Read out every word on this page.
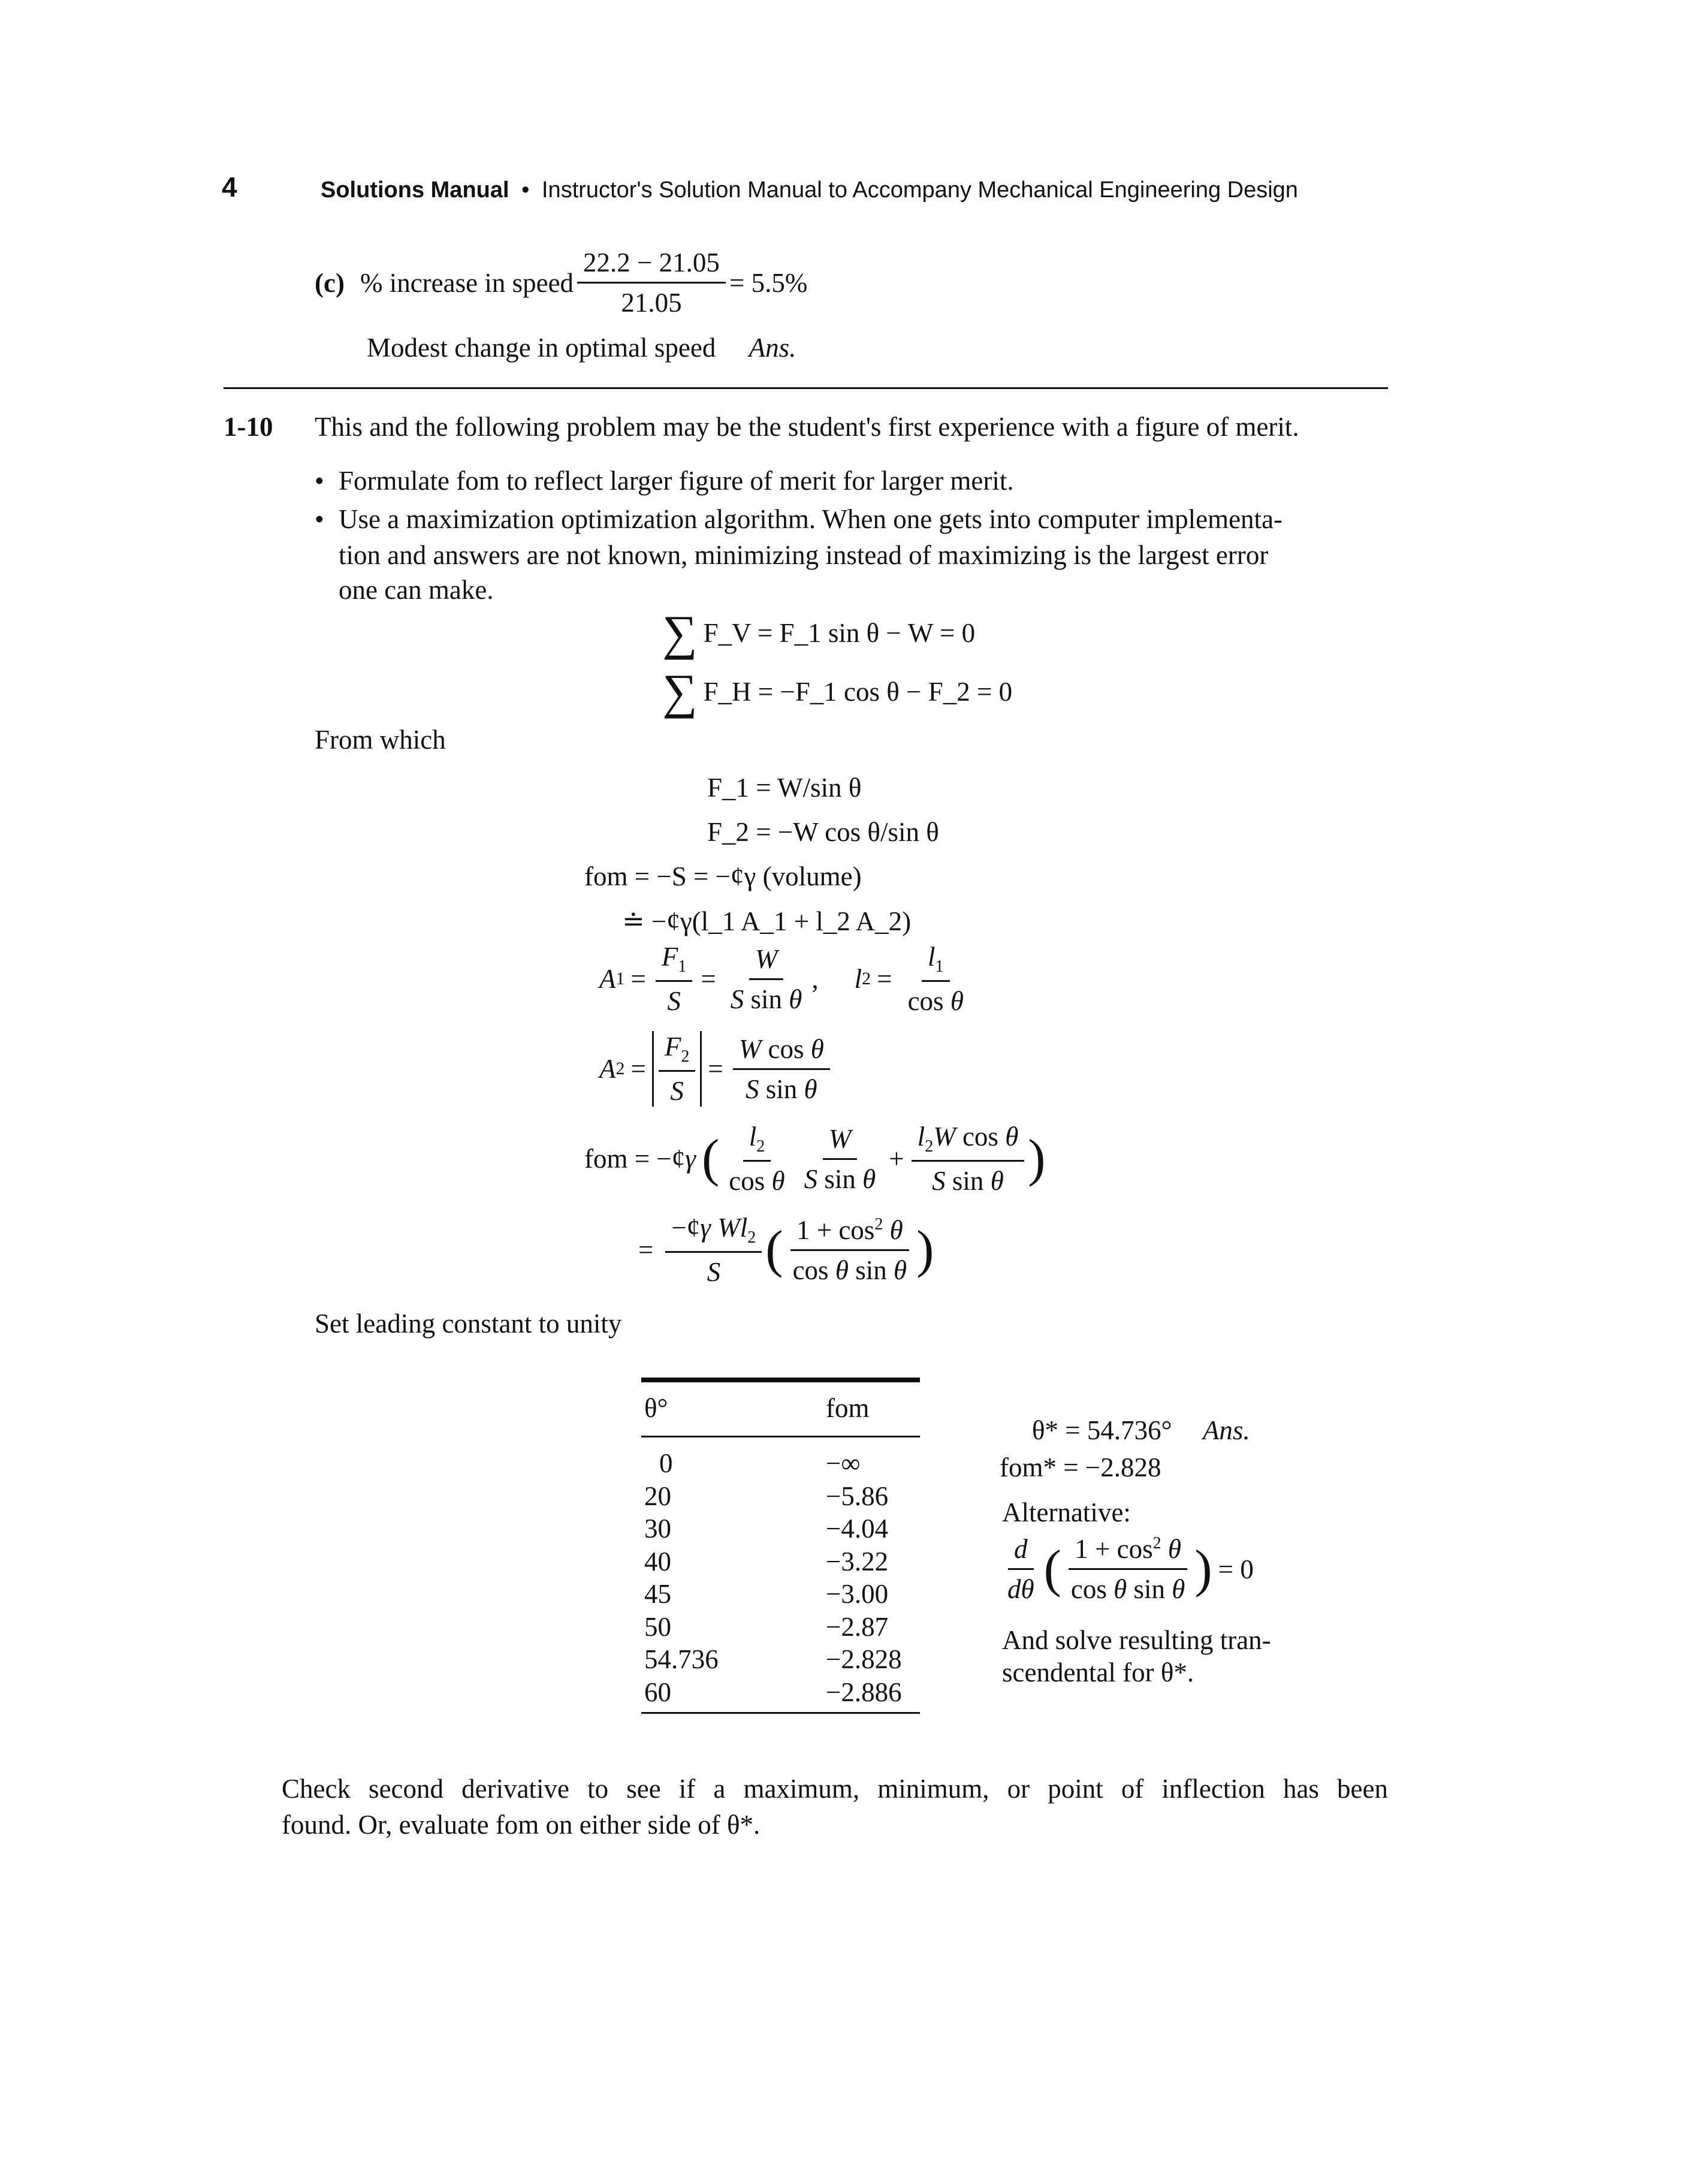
4	Solutions Manual • Instructor's Solution Manual to Accompany Mechanical Engineering Design
(c) % increase in speed $\frac{22.2 - 21.05}{21.05} = 5.5\%$
Modest change in optimal speed Ans.
1-10 This and the following problem may be the student's first experience with a figure of merit.
• Formulate fom to reflect larger figure of merit for larger merit.
• Use a maximization optimization algorithm. When one gets into computer implementa-
tion and answers are not known, minimizing instead of maximizing is the largest error
one can make.
∑ F_V = F_1 sin θ − W = 0
∑ F_H = −F_1 cos θ − F_2 = 0
From which
F_1 = W/sin θ
F_2 = −W cos θ/sin θ
fom = −S = −¢γ (volume)
≐ −¢γ(l_1 A_1 + l_2 A_2)
A $1 = \frac{F_1}{S} = \frac{W}{\text{S sin θ}}$ , l $2 = \frac{l_1}{\text{cos θ}}$
A $2 = \frac{F_2}{S} = \frac{\text{W cos θ}}{\text{S sin θ}}$
fom = −¢γ ( $\frac{l_2}{\text{cos θ}} \frac{W}{\text{S sin θ}} + \frac{l_2W \cos \theta}{\text{S sin θ}}$ )
= $\frac{-¢\gamma Wl_2}{S}$ ( $\frac{1 + \cos^2 \theta}{\text{cos θ sin θ}}$ )
Set leading constant to unity
θ°	fom
0	−∞
20	−5.86
30	−4.04
40	−3.22
45	−3.00
50	−2.87
54.736	−2.828
60	−2.886
θ* = 54.736° Ans.
fom* = −2.828
Alternative:
$\frac{d}{d\theta}$ ( $\frac{1 + \cos^2 \theta}{\text{cos θ sin θ}}$ ) = 0
And solve resulting tran-
scendental for θ*.
Check second derivative to see if a maximum, minimum, or point of inflection has been
found. Or, evaluate fom on either side of θ*.
